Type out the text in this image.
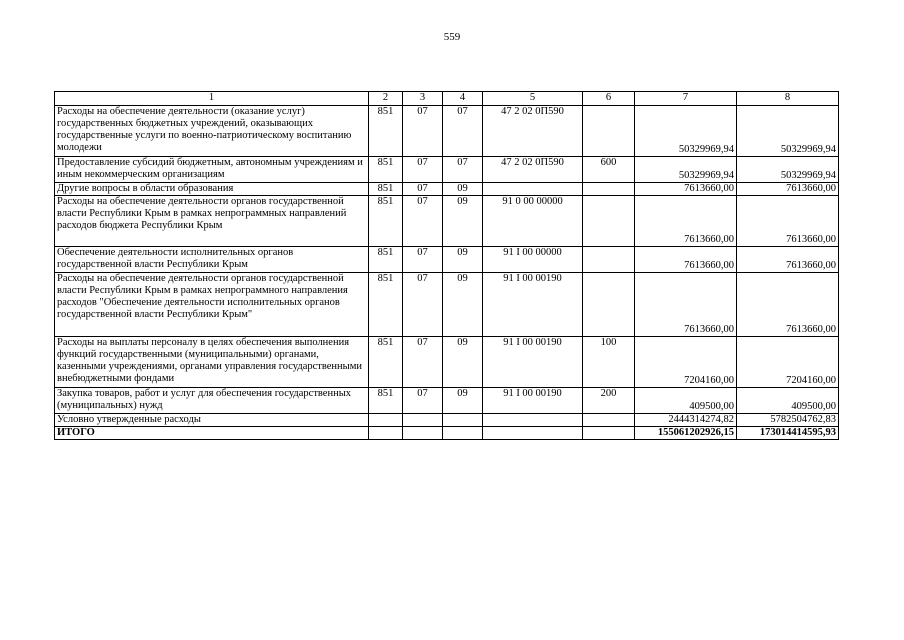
559
1	2	3	4	5	6	7	8
Расходы на обеспечение деятельности (оказание услуг) государственных бюджетных учреждений, оказывающих государственные услуги по военно-патриотическому воспитанию молодежи	851	07	07	47 2 02 0П590		50329969,94	50329969,94
Предоставление субсидий бюджетным, автономным учреждениям и иным некоммерческим организациям	851	07	07	47 2 02 0П590	600	50329969,94	50329969,94
Другие вопросы в области образования	851	07	09			7613660,00	7613660,00
Расходы на обеспечение деятельности органов государственной власти Республики Крым в рамках непрограммных направлений расходов бюджета Республики Крым	851	07	09	91 0 00 00000		7613660,00	7613660,00
Обеспечение деятельности исполнительных органов государственной власти Республики Крым	851	07	09	91 I 00 00000		7613660,00	7613660,00
Расходы на обеспечение деятельности органов государственной власти Республики Крым в рамках непрограммного направления расходов "Обеспечение деятельности исполнительных органов государственной власти Республики Крым"	851	07	09	91 I 00 00190		7613660,00	7613660,00
Расходы на выплаты персоналу в целях обеспечения выполнения функций государственными (муниципальными) органами, казенными учреждениями, органами управления государственными внебюджетными фондами	851	07	09	91 I 00 00190	100	7204160,00	7204160,00
Закупка товаров, работ и услуг для обеспечения государственных (муниципальных) нужд	851	07	09	91 I 00 00190	200	409500,00	409500,00
Условно утвержденные расходы						2444314274,82	5782504762,83
ИТОГО						155061202926,15	173014414595,93
